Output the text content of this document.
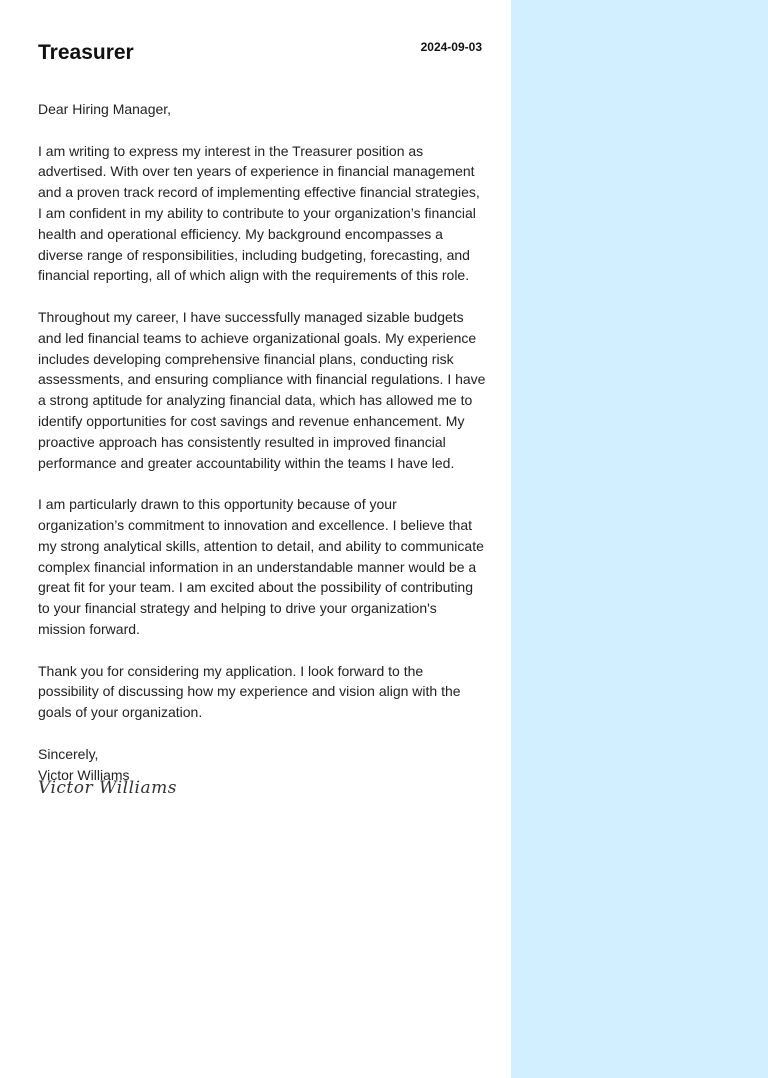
Treasurer	2024-09-03

Dear Hiring Manager,

I am writing to express my interest in the Treasurer position as advertised. With over ten years of experience in financial management and a proven track record of implementing effective financial strategies, I am confident in my ability to contribute to your organization’s financial health and operational efficiency. My background encompasses a diverse range of responsibilities, including budgeting, forecasting, and financial reporting, all of which align with the requirements of this role.

Throughout my career, I have successfully managed sizable budgets and led financial teams to achieve organizational goals. My experience includes developing comprehensive financial plans, conducting risk assessments, and ensuring compliance with financial regulations. I have a strong aptitude for analyzing financial data, which has allowed me to identify opportunities for cost savings and revenue enhancement. My proactive approach has consistently resulted in improved financial performance and greater accountability within the teams I have led.

I am particularly drawn to this opportunity because of your organization’s commitment to innovation and excellence. I believe that my strong analytical skills, attention to detail, and ability to communicate complex financial information in an understandable manner would be a great fit for your team. I am excited about the possibility of contributing to your financial strategy and helping to drive your organization's mission forward.

Thank you for considering my application. I look forward to the possibility of discussing how my experience and vision align with the goals of your organization.

Sincerely,

Victor Williams

Victor Williams
